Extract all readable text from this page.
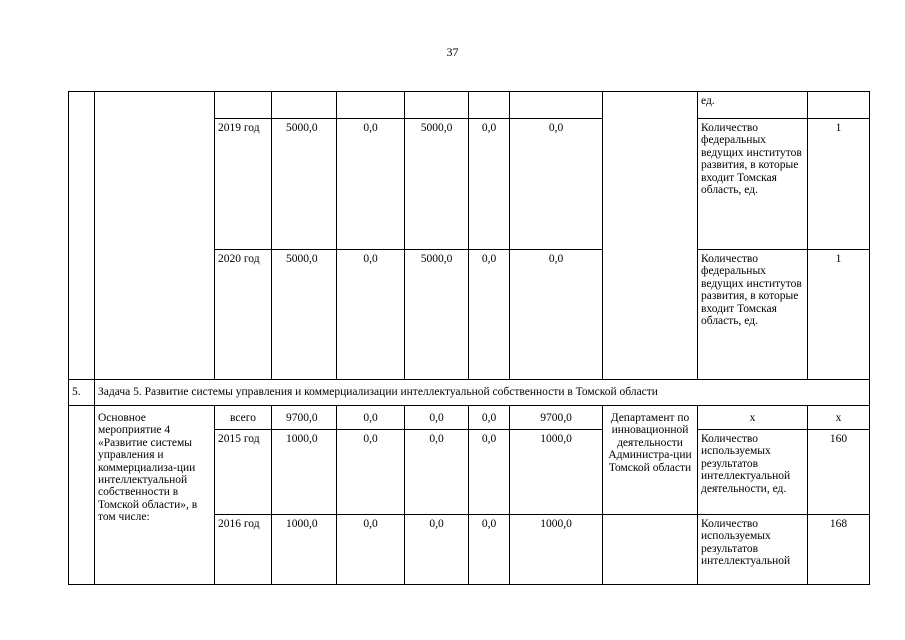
37
									ед.	
		2019 год	5000,0	0,0	5000,0	0,0	0,0		Количество федеральных ведущих институтов развития, в которые входит Томская область, ед.	1
		2020 год	5000,0	0,0	5000,0	0,0	0,0		Количество федеральных ведущих институтов развития, в которые входит Томская область, ед.	1
5.	Задача 5. Развитие системы управления и коммерциализации интеллектуальной собственности в Томской области									
	Основное мероприятие 4 «Развитие системы управления и коммерциализа-ции интеллектуальной собственности в Томской области», в том числе:	всего	9700,0	0,0	0,0	0,0	9700,0	Департамент по инновационной деятельности Администра-ции Томской области	х	х
		2015 год	1000,0	0,0	0,0	0,0	1000,0		Количество используемых результатов интеллектуальной деятельности, ед.	160
		2016 год	1000,0	0,0	0,0	0,0	1000,0		Количество используемых результатов интеллектуальной	168
